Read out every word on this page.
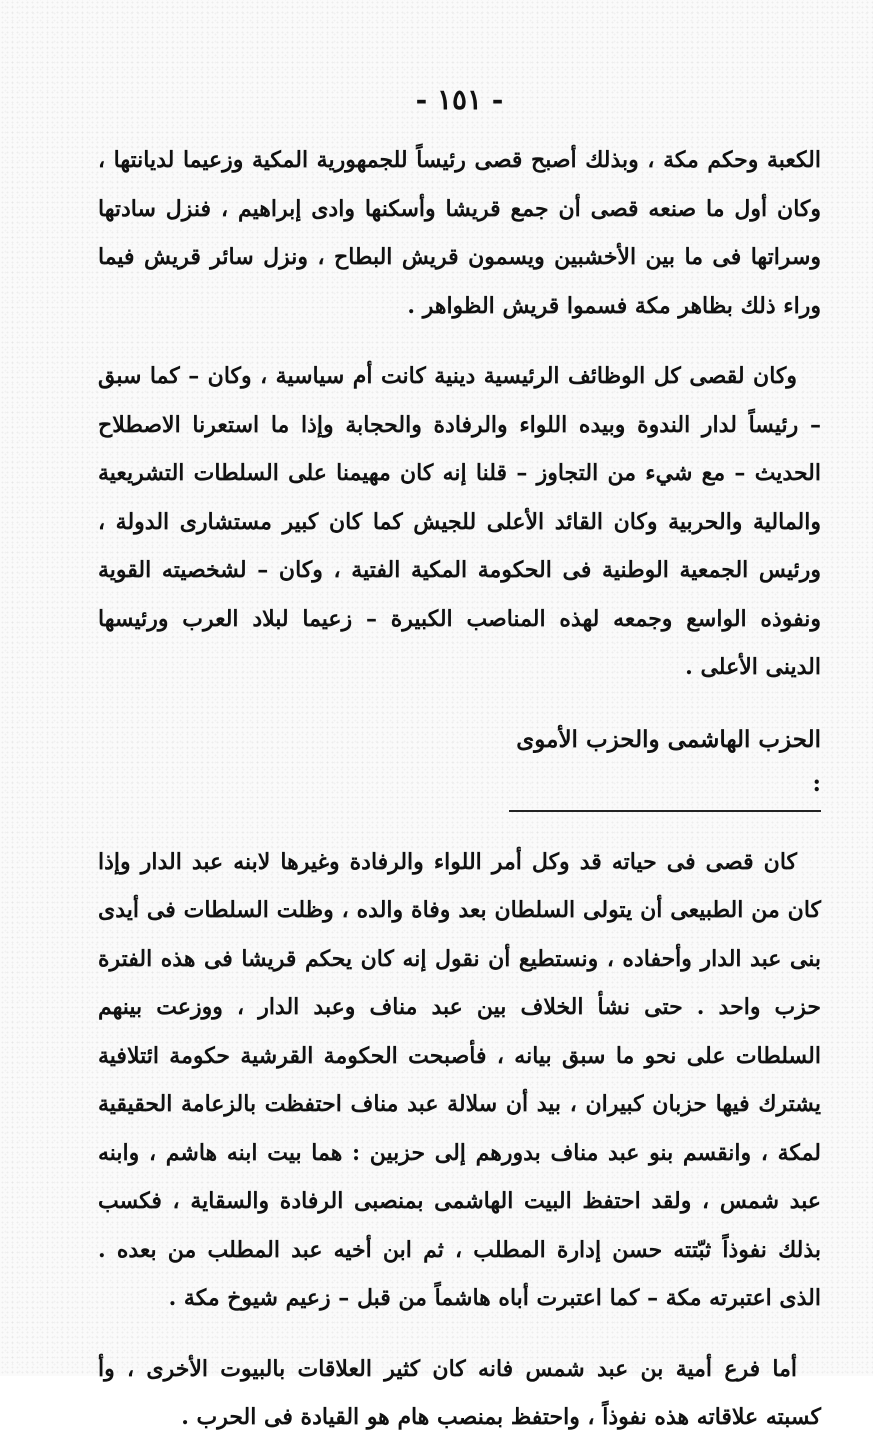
- ١٥١ -

الكعبة وحكم مكة ، وبذلك أصبح قصى رئيساً للجمهورية المكية وزعيما لديانتها ، وكان أول ما صنعه قصى أن جمع قريشا وأسكنها وادى إبراهيم ، فنزل سادتها وسراتها فى ما بين الأخشبين ويسمون قريش البطاح ، ونزل سائر قريش فيما وراء ذلك بظاهر مكة فسموا قريش الظواهر .

وكان لقصى كل الوظائف الرئيسية دينية كانت أم سياسية ، وكان – كما سبق – رئيساً لدار الندوة وبيده اللواء والرفادة والحجابة وإذا ما استعرنا الاصطلاح الحديث – مع شيء من التجاوز – قلنا إنه كان مهيمنا على السلطات التشريعية والمالية والحربية وكان القائد الأعلى للجيش كما كان كبير مستشارى الدولة ، ورئيس الجمعية الوطنية فى الحكومة المكية الفتية ، وكان – لشخصيته القوية ونفوذه الواسع وجمعه لهذه المناصب الكبيرة – زعيما لبلاد العرب ورئيسها الدينى الأعلى .

الحزب الهاشمى والحزب الأموى :

كان قصى فى حياته قد وكل أمر اللواء والرفادة وغيرها لابنه عبد الدار وإذا كان من الطبيعى أن يتولى السلطان بعد وفاة والده ، وظلت السلطات فى أيدى بنى عبد الدار وأحفاده ، ونستطيع أن نقول إنه كان يحكم قريشا فى هذه الفترة حزب واحد . حتى نشأ الخلاف بين عبد مناف وعبد الدار ، ووزعت بينهم السلطات على نحو ما سبق بيانه ، فأصبحت الحكومة القرشية حكومة ائتلافية يشترك فيها حزبان كبيران ، بيد أن سلالة عبد مناف احتفظت بالزعامة الحقيقية لمكة ، وانقسم بنو عبد مناف بدورهم إلى حزبين : هما بيت ابنه هاشم ، وابنه عبد شمس ، ولقد احتفظ البيت الهاشمى بمنصبى الرفادة والسقاية ، فكسب بذلك نفوذاً ثبّتته حسن إدارة المطلب ، ثم ابن أخيه عبد المطلب من بعده . الذى اعتبرته مكة – كما اعتبرت أباه هاشماً من قبل – زعيم شيوخ مكة .

أما فرع أمية بن عبد شمس فانه كان كثير العلاقات بالبيوت الأخرى ، وأ كسبته علاقاته هذه نفوذاً ، واحتفظ بمنصب هام هو القيادة فى الحرب .
